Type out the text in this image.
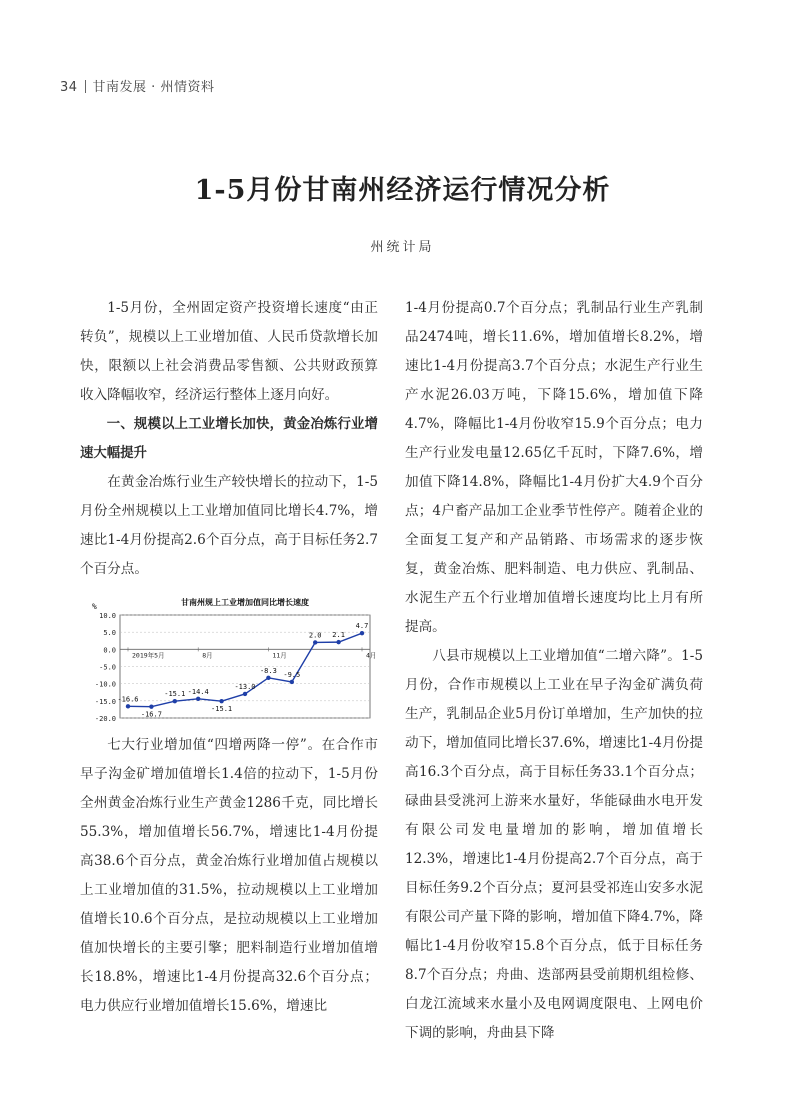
34 甘南发展 · 州情资料
1-5月份甘南州经济运行情况分析
州统计局

1-5月份，全州固定资产投资增长速度“由正转负”，规模以上工业增加值、人民币贷款增长加快，限额以上社会消费品零售额、公共财政预算收入降幅收窄，经济运行整体上逐月向好。

一、规模以上工业增长加快，黄金冶炼行业增速大幅提升

在黄金冶炼行业生产较快增长的拉动下，1-5月份全州规模以上工业增加值同比增长4.7%，增速比1-4月份提高2.6个百分点，高于目标任务2.7个百分点。

甘南州规上工业增加值同比增长速度
%
10.0
5.0
0.0
-5.0
-10.0
-15.0
-20.0
2019年5月	8月	11月	4月
-16.6
-16.7
-15.1 -14.4
-15.1
-13.0
-8.3
-9.5
2.0 2.1
4.7

七大行业增加值“四增两降一停”。在合作市早子沟金矿增加值增长1.4倍的拉动下，1-5月份全州黄金冶炼行业生产黄金1286千克，同比增长55.3%，增加值增长56.7%，增速比1-4月份提高38.6个百分点，黄金冶炼行业增加值占规模以上工业增加值的31.5%，拉动规模以上工业增加值增长10.6个百分点，是拉动规模以上工业增加值加快增长的主要引擎；肥料制造行业增加值增长18.8%，增速比1-4月份提高32.6个百分点；电力供应行业增加值增长15.6%，增速比

1-4月份提高0.7个百分点；乳制品行业生产乳制品2474吨，增长11.6%，增加值增长8.2%，增速比1-4月份提高3.7个百分点；水泥生产行业生产水泥26.03万吨，下降15.6%，增加值下降4.7%，降幅比1-4月份收窄15.9个百分点；电力生产行业发电量12.65亿千瓦时，下降7.6%，增加值下降14.8%，降幅比1-4月份扩大4.9个百分点；4户畜产品加工企业季节性停产。随着企业的全面复工复产和产品销路、市场需求的逐步恢复，黄金冶炼、肥料制造、电力供应、乳制品、水泥生产五个行业增加值增长速度均比上月有所提高。

八县市规模以上工业增加值“二增六降”。1-5月份，合作市规模以上工业在早子沟金矿满负荷生产，乳制品企业5月份订单增加，生产加快的拉动下，增加值同比增长37.6%，增速比1-4月份提高16.3个百分点，高于目标任务33.1个百分点；碌曲县受洮河上游来水量好，华能碌曲水电开发有限公司发电量增加的影响，增加值增长12.3%，增速比1-4月份提高2.7个百分点，高于目标任务9.2个百分点；夏河县受祁连山安多水泥有限公司产量下降的影响，增加值下降4.7%，降幅比1-4月份收窄15.8个百分点，低于目标任务8.7个百分点；舟曲、迭部两县受前期机组检修、白龙江流域来水量小及电网调度限电、上网电价下调的影响，舟曲县下降
